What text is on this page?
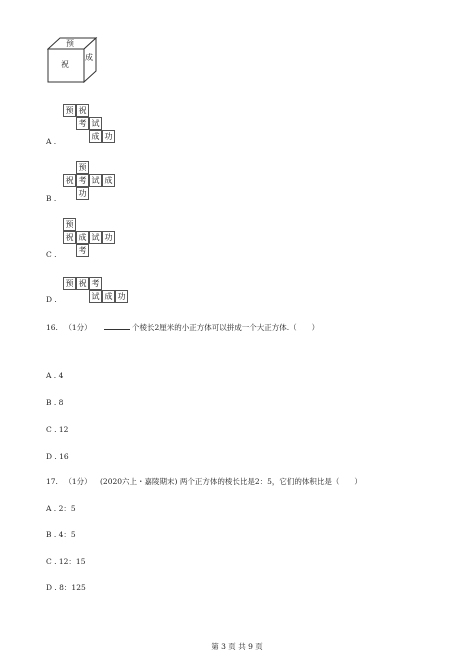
预
祝
成
A .
预 祝
考 试
成 功
B .
预
祝 考 试 成
功
C .
预
祝 成 试 功
考
D .
预 祝 考
试 成 功
16. （1分）	个棱长2厘米的小正方体可以拼成一个大正方体.（　　）
A . 4
B . 8
C . 12
D . 16
17. （1分） (2020六上・嘉陵期末) 两个正方体的棱长比是2：5，它们的体积比是（　　）
A . 2：5
B . 4：5
C . 12：15
D . 8：125
第 3 页 共 9 页
